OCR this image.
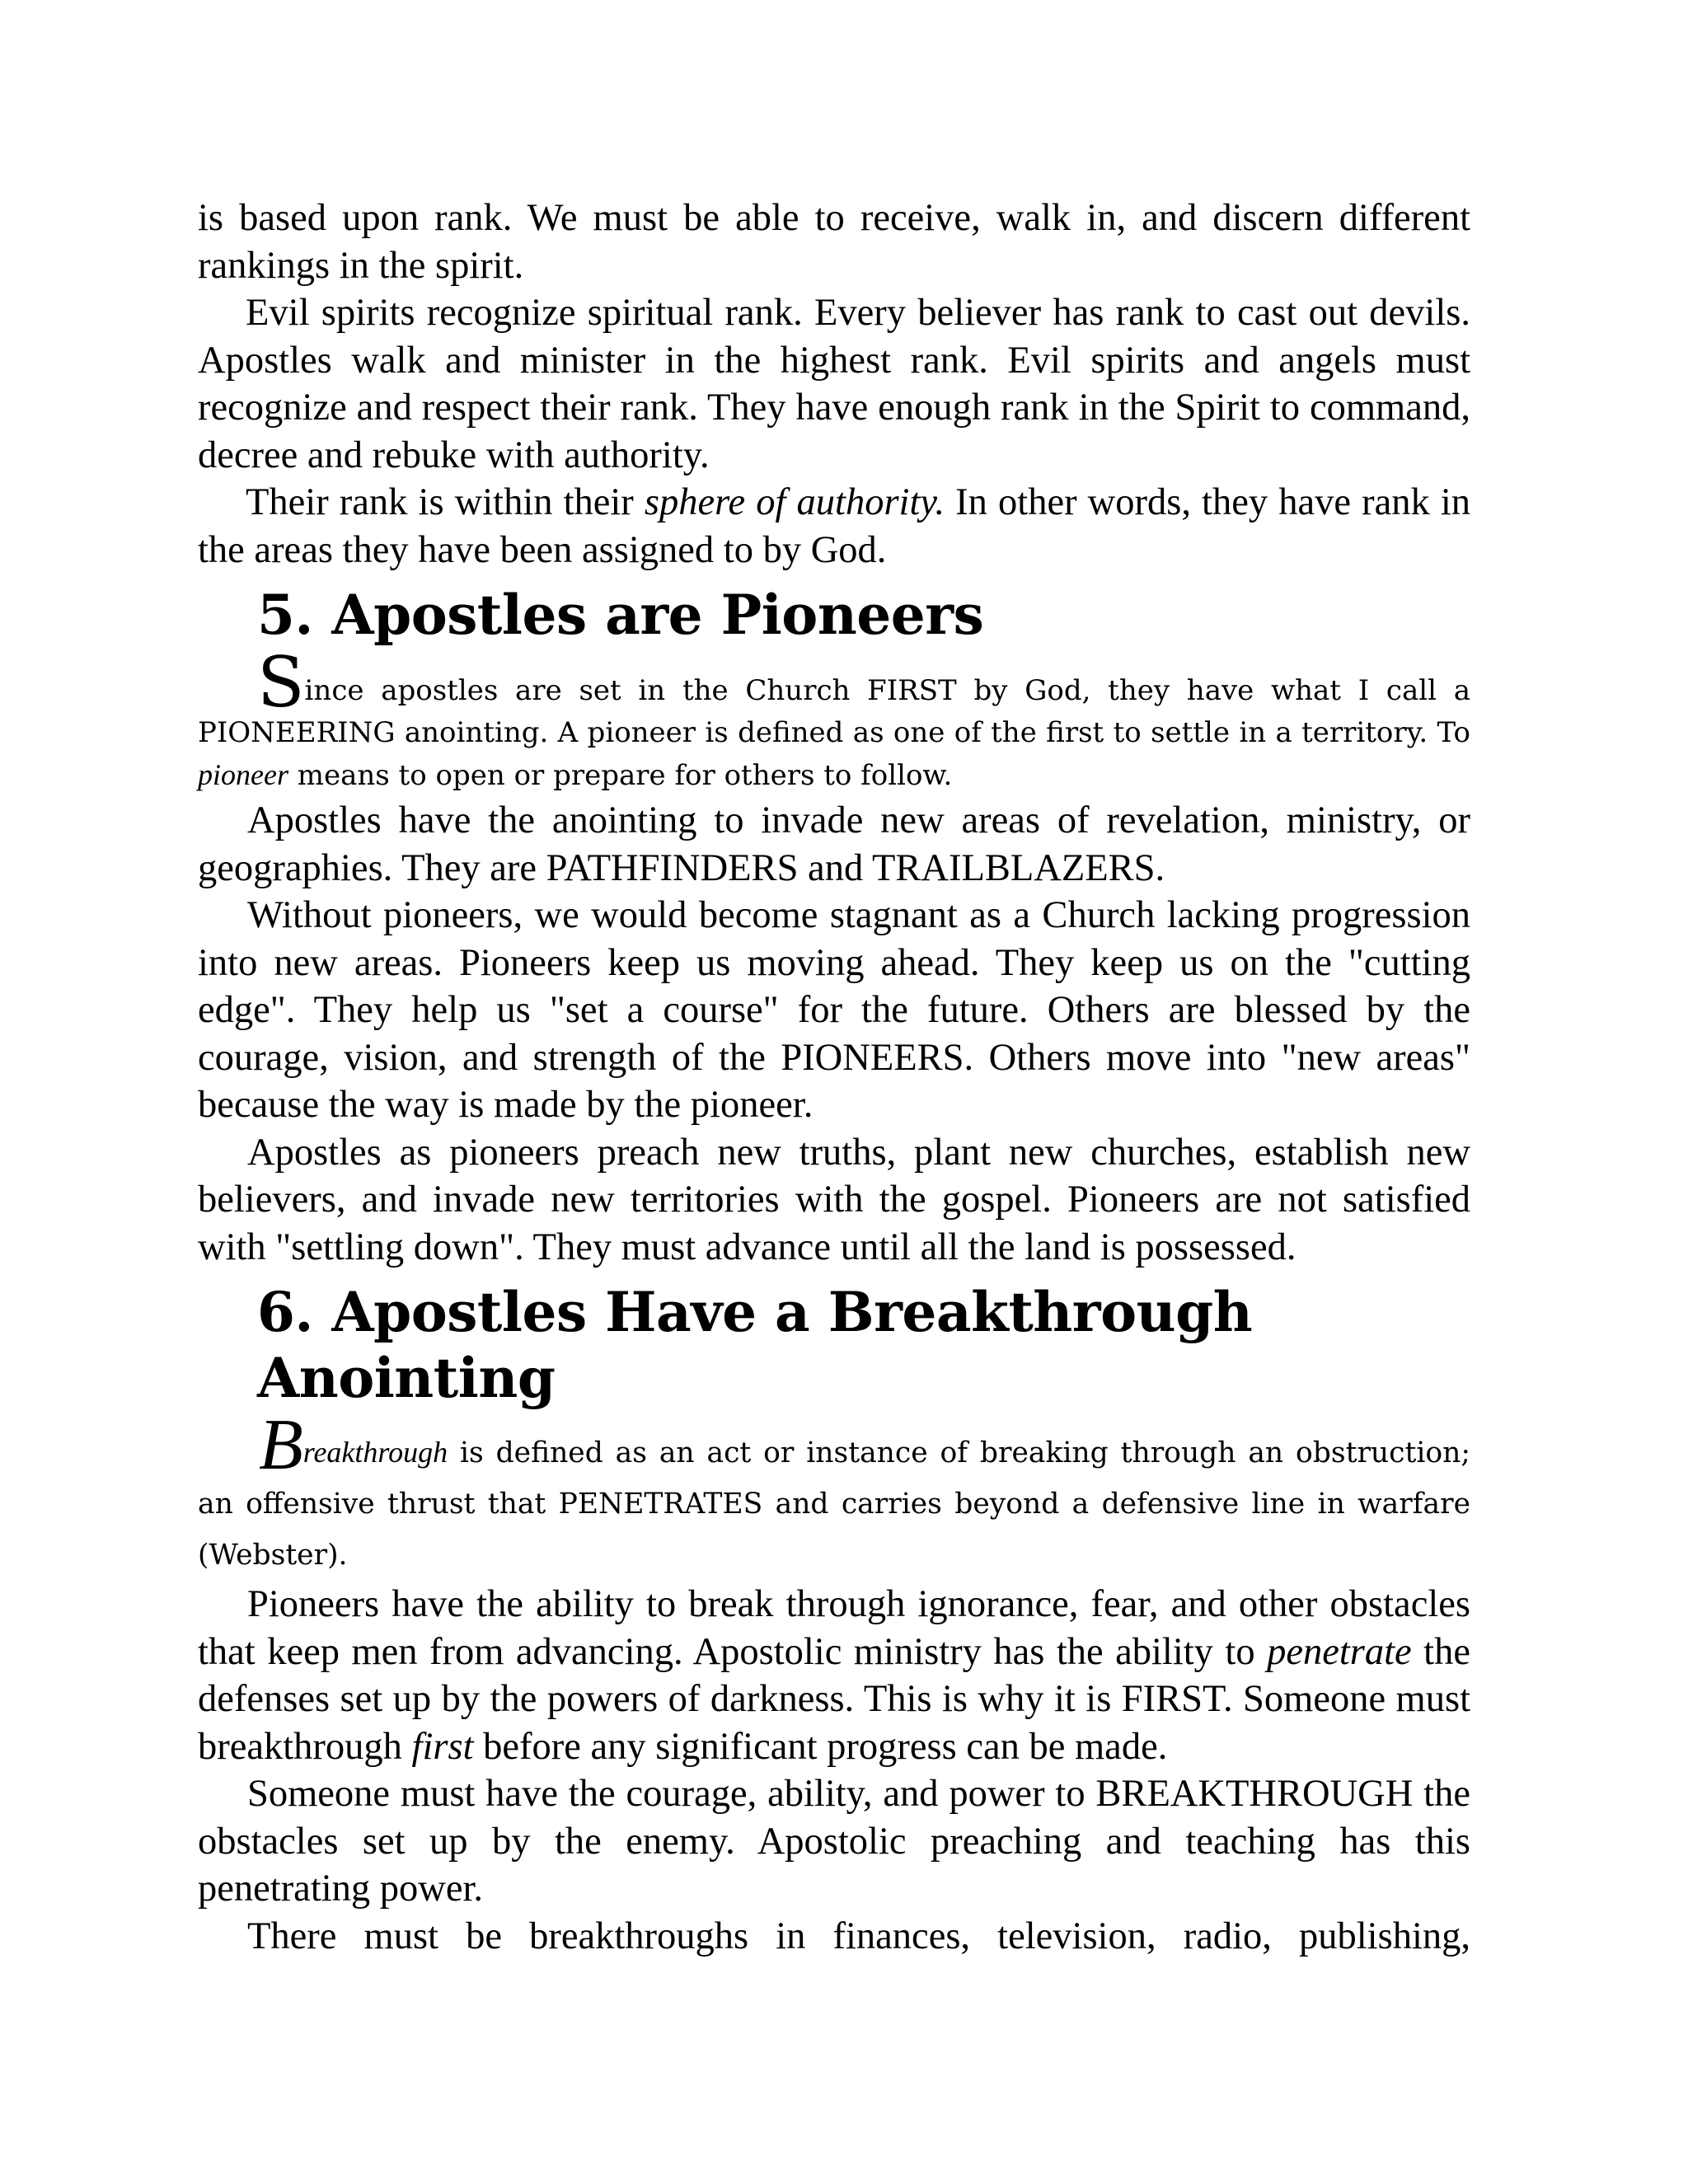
is based upon rank. We must be able to receive, walk in, and discern different rankings in the spirit.

Evil spirits recognize spiritual rank. Every believer has rank to cast out devils. Apostles walk and minister in the highest rank. Evil spirits and angels must recognize and respect their rank. They have enough rank in the Spirit to command, decree and rebuke with authority.

Their rank is within their sphere of authority. In other words, they have rank in the areas they have been assigned to by God.

5. Apostles are Pioneers

Since apostles are set in the Church FIRST by God, they have what I call a PIONEERING anointing. A pioneer is defined as one of the first to settle in a territory. To pioneer means to open or prepare for others to follow.

Apostles have the anointing to invade new areas of revelation, ministry, or geographies. They are PATHFINDERS and TRAILBLAZERS.

Without pioneers, we would become stagnant as a Church lacking progression into new areas. Pioneers keep us moving ahead. They keep us on the "cutting edge". They help us "set a course" for the future. Others are blessed by the courage, vision, and strength of the PIONEERS. Others move into "new areas" because the way is made by the pioneer.

Apostles as pioneers preach new truths, plant new churches, establish new believers, and invade new territories with the gospel. Pioneers are not satisfied with "settling down". They must advance until all the land is possessed.

6. Apostles Have a Breakthrough Anointing

Breakthrough is defined as an act or instance of breaking through an obstruction; an offensive thrust that PENETRATES and carries beyond a defensive line in warfare (Webster).

Pioneers have the ability to break through ignorance, fear, and other obstacles that keep men from advancing. Apostolic ministry has the ability to penetrate the defenses set up by the powers of darkness. This is why it is FIRST. Someone must breakthrough first before any significant progress can be made.

Someone must have the courage, ability, and power to BREAKTHROUGH the obstacles set up by the enemy. Apostolic preaching and teaching has this penetrating power.

There must be breakthroughs in finances, television, radio, publishing,
